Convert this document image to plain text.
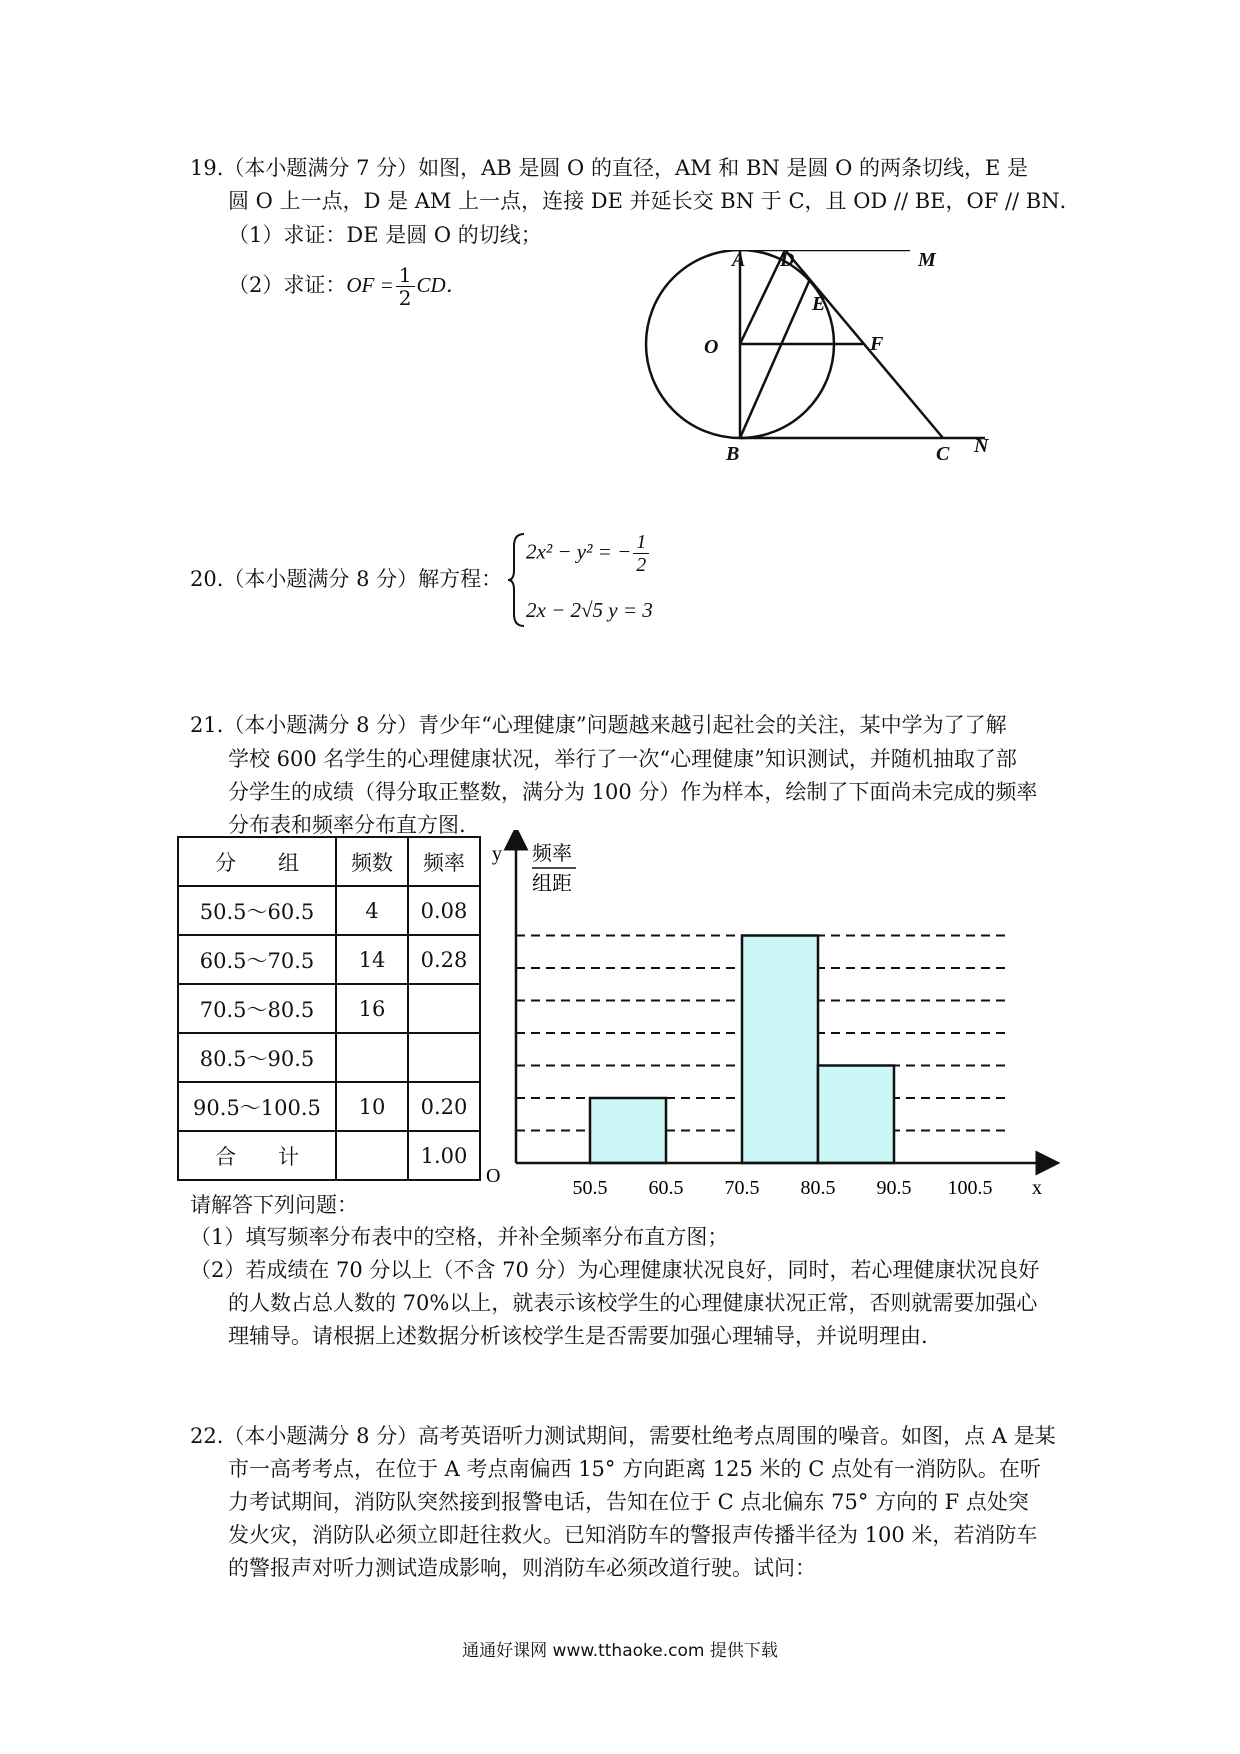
19.（本小题满分 7 分）如图，AB 是圆 O 的直径，AM 和 BN 是圆 O 的两条切线，E 是
圆 O 上一点，D 是 AM 上一点，连接 DE 并延长交 BN 于 C，且 OD // BE，OF // BN．
（1）求证：DE 是圆 O 的切线；
（2）求证：OF = $\frac{1}{2}$ CD．
A D	M
E
O	F
B	C N
20.（本小题满分 8 分）解方程：
2x² − y² = − $\frac{1}{2}$
2x − 2√5 y = 3
21.（本小题满分 8 分）青少年“心理健康”问题越来越引起社会的关注，某中学为了了解
学校 600 名学生的心理健康状况，举行了一次“心理健康”知识测试，并随机抽取了部
分学生的成绩（得分取正整数，满分为 100 分）作为样本，绘制了下面尚未完成的频率
分布表和频率分布直方图.
分　　组	频数	频率
50.5～60.5	4	0.08
60.5～70.5	14	0.28
70.5～80.5	16	
80.5～90.5		
90.5～100.5	10	0.20
合　　计		1.00
y 频率
组距
O
x
50.5 60.5 70.5 80.5 90.5 100.5
请解答下列问题：
（1）填写频率分布表中的空格，并补全频率分布直方图；
（2）若成绩在 70 分以上（不含 70 分）为心理健康状况良好，同时，若心理健康状况良好
的人数占总人数的 70%以上，就表示该校学生的心理健康状况正常，否则就需要加强心
理辅导。请根据上述数据分析该校学生是否需要加强心理辅导，并说明理由.
22.（本小题满分 8 分）高考英语听力测试期间，需要杜绝考点周围的噪音。如图，点 A 是某
市一高考考点，在位于 A 考点南偏西 15° 方向距离 125 米的 C 点处有一消防队。在听
力考试期间，消防队突然接到报警电话，告知在位于 C 点北偏东 75° 方向的 F 点处突
发火灾，消防队必须立即赶往救火。已知消防车的警报声传播半径为 100 米，若消防车
的警报声对听力测试造成影响，则消防车必须改道行驶。试问：
通通好课网 www.tthaoke.com 提供下载
